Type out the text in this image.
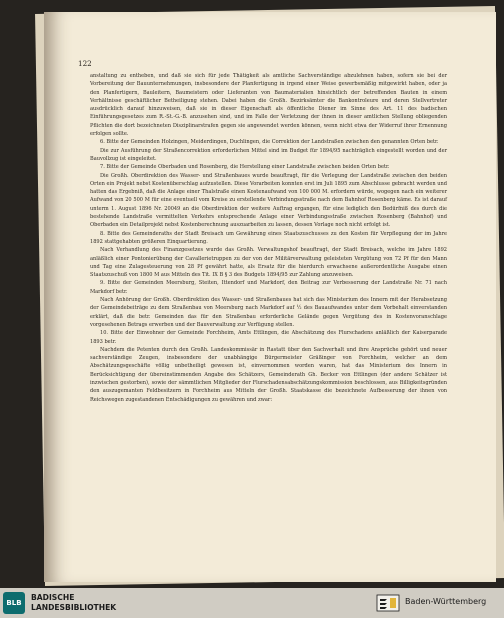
122

anstaltung zu entheben, und daß sie sich für jede Thätigkeit als amtliche Sachverständige abzulehnen haben, sofern sie bei der Vorbereitung der Bauunternehmungen, insbesondere der Planfertigung in irgend einer Weise gewerbsmäßig mitgewirkt haben, oder ja den Planfertigern, Bauleitern, Baumeistern oder Lieferanten von Baumaterialien hinsichtlich der betreffenden Bauten in einem Verhältnisse geschäftlicher Betheiligung stehen. Dabei haben die Großh. Bezirksämter die Bankontroleure und deren Stellvertreter ausdrücklich darauf hinzuweisen, daß sie in dieser Eigenschaft als öffentliche Diener im Sinne des Art. 11 des badischen Einführungsgesetzes zum R.-St.-G.-B. anzusehen sind, und im Falle der Verletzung der ihnen in dieser amtlichen Stellung obliegenden Pflichten die dort bezeichneten Disziplinarstrafen gegen sie angewendet werden können, wenn nicht etwa der Widerruf ihrer Ernennung erfolgen sollte.

6. Bitte der Gemeinden Holzingen, Meiderdingen, Duchlingen, die Correktion der Landstraßen zwischen den genannten Orten betr.

Die zur Ausführung der Straßencorrektion erforderlichen Mittel sind im Budget für 1894/95 nachträglich eingestellt worden und der Bauvollzug ist eingeleitet.

7. Bitte der Gemeinde Oberbaden und Rosenberg, die Herstellung einer Landstraße zwischen beiden Orten betr.

Die Großh. Oberdirektion des Wasser- und Straßenbaues wurde beauftragt, für die Verlegung der Landstraße zwischen den beiden Orten ein Projekt nebst Kostenüberschlag aufzustellen. Diese Vorarbeiten konnten erst im Juli 1895 zum Abschlusse gebracht werden und hatten das Ergebniß, daß die Anlage einer Thalstraße einen Kostenaufwand von 100 000 M. erfordern würde, wogegen nach ein weiterer Aufwand von 20 500 M für eine eventuell vom Kreise zu erstellende Verbindungsstraße nach dem Bahnhof Rosenberg käme. Es ist darauf unterm 1. August 1896 Nr. 20049 an die Oberdirektion der weitere Auftrag ergangen, für eine lediglich den Bedürfniß des durch die bestehende Landstraße vermittelten Verkehrs entsprechende Anlage einer Verbindungsstraße zwischen Rosenberg (Bahnhof) und Oberbaden ein Detailprojekt nebst Kostenberechnung auszuarbeiten zu lassen, dessen Vorlage noch nicht erfolgt ist.

8. Bitte des Gemeinderaths der Stadt Breisach um Gewährung eines Staatszuschusses zu den Kosten für Verpflegung der im Jahre 1892 stattgehabten größeren Einquartierung.

Nach Verhandlung des Finanzgesetzes wurde das Großh. Verwaltungshof beauftragt, der Stadt Breisach, welche im Jahre 1892 anläßlich einer Pontonierübung der Cavallerietruppen zu der von der Militärverwaltung geleisteten Vergütung von 72 Pf für den Mann und Tag eine Zulagesteuerung von 28 Pf gewährt hatte, als Ersatz für die hierdurch erwachsene außerordentliche Ausgabe einen Staatszuschuß von 1800 M aus Mitteln des Tit. IX B § 3 des Budgets 1894/95 zur Zahlung anzuweisen.

9. Bitte der Gemeinden Meersburg, Steiten, Ittendorf und Markdorf, den Beitrag zur Verbesserung der Landstraße Nr. 71 nach Markdorf betr.

Nach Anhörung der Großh. Oberdirektion des Wasser- und Straßenbaues hat sich das Ministerium des Innern mit der Herabsetzung der Gemeindebeiträge zu dem Straßenbau von Meersburg nach Markdorf auf ½ des Bauaufwandes unter dem Vorbehalt einverstanden erklärt, daß die betr. Gemeinden das für den Straßenbau erforderliche Gelände gegen Vergütung des in Kostenvoranschlage vorgesehenen Betrags erwerben und der Bauverwaltung zur Verfügung stellen.

10. Bitte der Einwohner der Gemeinde Forchheim, Amts Ettlingen, die Abschätzung des Flurschadens anläßlich der Kaiserparade 1893 betr.

Nachdem die Petenten durch den Großh. Landeskommissär in Rastatt über den Sachverhalt und ihre Ansprüche gehört und neuer sachverständige Zeugen, insbesondere der unabhängige Bürgermeister Gräßinger von Forchheim, welcher an dem Abschätzungsgeschäfte völlig unbetheiligt gewesen ist, einvernommen worden waren, hat das Ministerium des Innern in Berücksichtigung der übereinstimmenden Angabe des Schätzers, Gemeinderath Gh. Becker von Ettlingen (der andere Schätzer ist inzwischen gestorben), sowie der sämmtlichen Mitglieder der Flurschadensabschätzungskommission beschlossen, aus Billigkeitsgründen den auszugemanten Feldbesitzern in Forchheim aus Mitteln der Großh. Staatskasse die bezeichnete Aufbesserung der ihnen von Reichswegen zugestandenen Entschädigungen zu gewähren und zwar:

BLB
BADISCHE
LANDESBIBLIOTHEK
Baden-Württemberg
